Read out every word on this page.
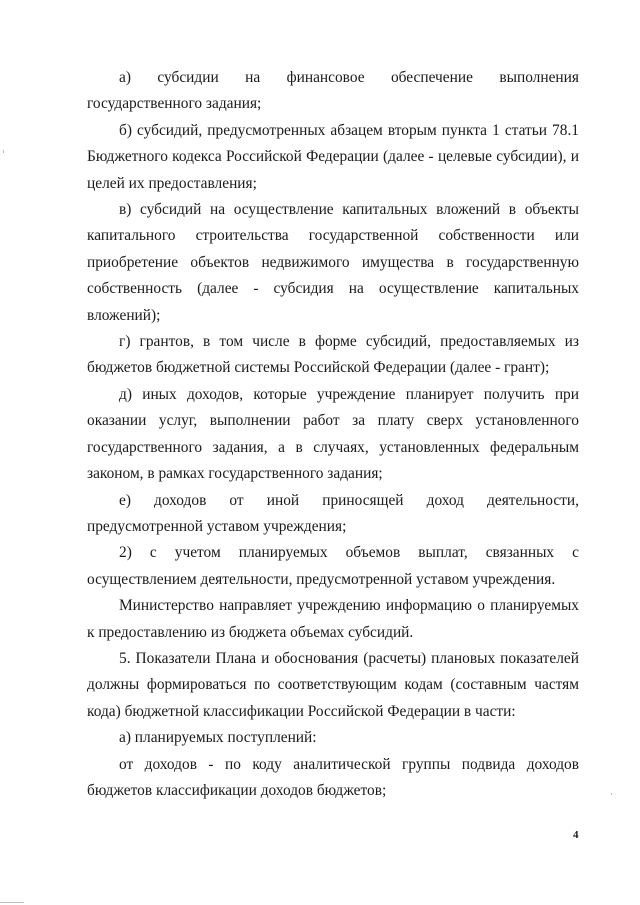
а) субсидии на финансовое обеспечение выполнения государственного задания;

б) субсидий, предусмотренных абзацем вторым пункта 1 статьи 78.1 Бюджетного кодекса Российской Федерации (далее - целевые субсидии), и целей их предоставления;

в) субсидий на осуществление капитальных вложений в объекты капитального строительства государственной собственности или приобретение объектов недвижимого имущества в государственную собственность (далее - субсидия на осуществление капитальных вложений);

г) грантов, в том числе в форме субсидий, предоставляемых из бюджетов бюджетной системы Российской Федерации (далее - грант);

д) иных доходов, которые учреждение планирует получить при оказании услуг, выполнении работ за плату сверх установленного государственного задания, а в случаях, установленных федеральным законом, в рамках государственного задания;

е) доходов от иной приносящей доход деятельности, предусмотренной уставом учреждения;

2) с учетом планируемых объемов выплат, связанных с осуществлением деятельности, предусмотренной уставом учреждения.

Министерство направляет учреждению информацию о планируемых к предоставлению из бюджета объемах субсидий.

5. Показатели Плана и обоснования (расчеты) плановых показателей должны формироваться по соответствующим кодам (составным частям кода) бюджетной классификации Российской Федерации в части:

а) планируемых поступлений:

от доходов - по коду аналитической группы подвида доходов бюджетов классификации доходов бюджетов;

4
